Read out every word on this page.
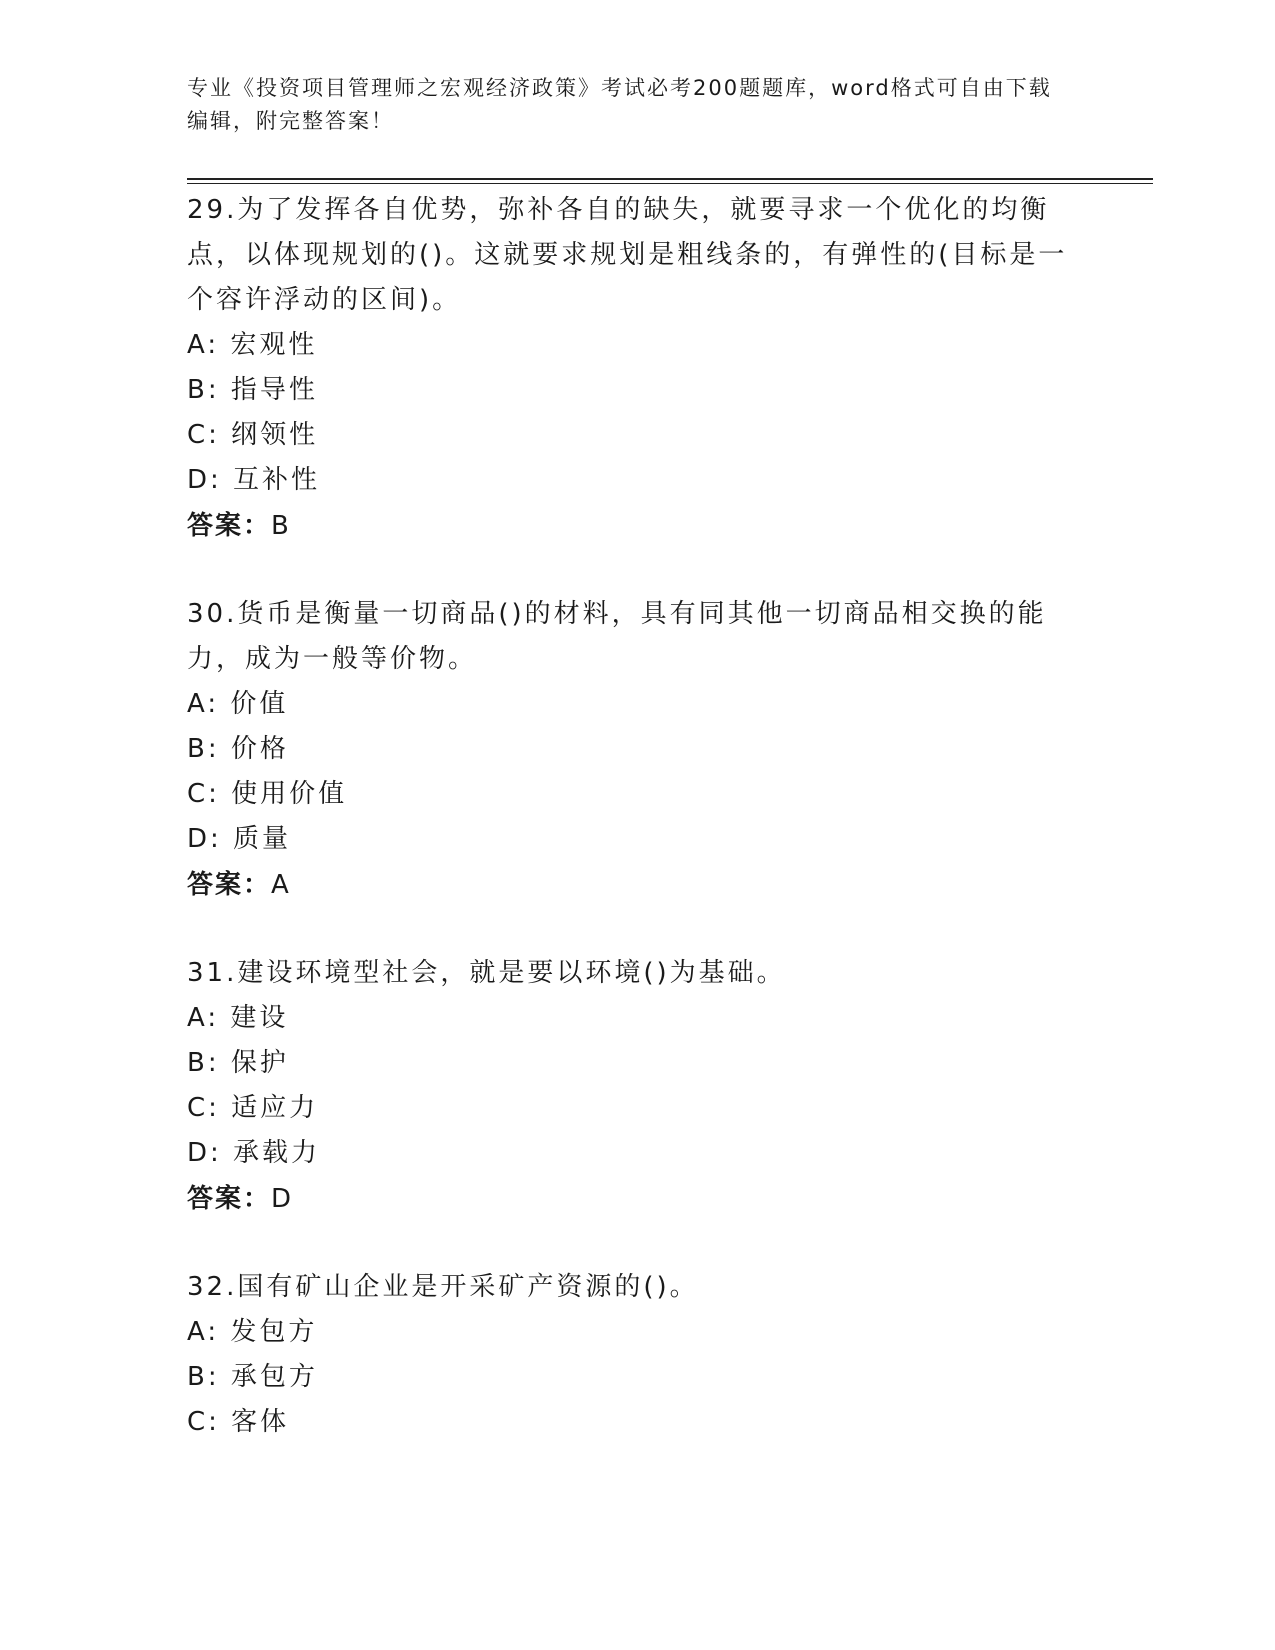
专业《投资项目管理师之宏观经济政策》考试必考200题题库，word格式可自由下载编辑，附完整答案！
29.为了发挥各自优势，弥补各自的缺失，就要寻求一个优化的均衡点，以体现规划的()。这就要求规划是粗线条的，有弹性的(目标是一个容许浮动的区间)。
A: 宏观性
B: 指导性
C: 纲领性
D: 互补性
答案：B
30.货币是衡量一切商品()的材料，具有同其他一切商品相交换的能力，成为一般等价物。
A: 价值
B: 价格
C: 使用价值
D: 质量
答案：A
31.建设环境型社会，就是要以环境()为基础。
A: 建设
B: 保护
C: 适应力
D: 承载力
答案：D
32.国有矿山企业是开采矿产资源的()。
A: 发包方
B: 承包方
C: 客体
